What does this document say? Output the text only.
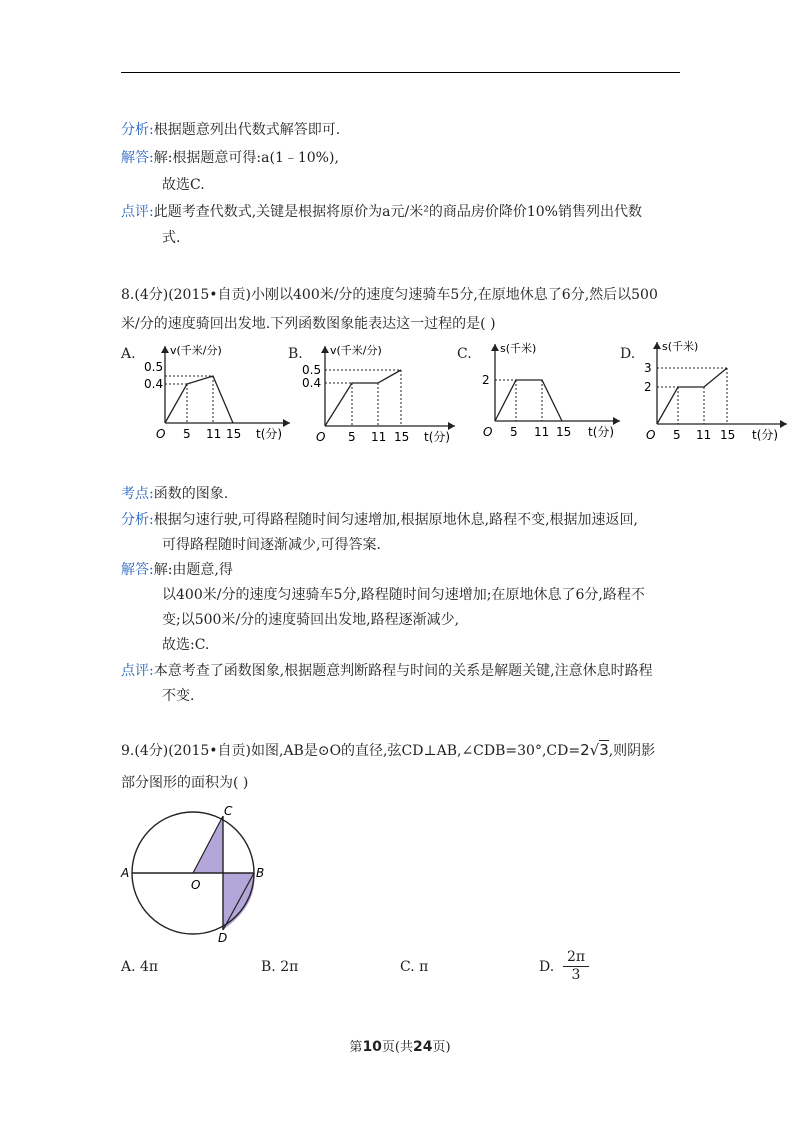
分析:根据题意列出代数式解答即可.
解答:解:根据题意可得:a(1﹣10%),
故选C.
点评:此题考查代数式,关键是根据将原价为a元/米²的商品房价降价10%销售列出代数
式.
8.(4分)(2015•自贡)小刚以400米/分的速度匀速骑车5分,在原地休息了6分,然后以500
米/分的速度骑回出发地.下列函数图象能表达这一过程的是( )
A.	v(千米/分)
0.5
0.4
O 5 11 15 t(分)
B. v(千米/分)
0.5
0.4
O 5 11 15 t(分)
C.	s(千米)
2
O 5 11 15 t(分)
D. s(千米)
3
2
O 5 11 15 t(分)
考点:函数的图象.
分析:根据匀速行驶,可得路程随时间匀速增加,根据原地休息,路程不变,根据加速返回,
可得路程随时间逐渐减少,可得答案.
解答:解:由题意,得
以400米/分的速度匀速骑车5分,路程随时间匀速增加;在原地休息了6分,路程不
变;以500米/分的速度骑回出发地,路程逐渐减少,
故选:C.
点评:本意考查了函数图象,根据题意判断路程与时间的关系是解题关键,注意休息时路程
不变.
9.(4分)(2015•自贡)如图,AB是⊙O的直径,弦CD⊥AB,∠CDB=30°,CD=2√3,则阴影
部分图形的面积为( )
A	B
C
D
O
A. 4π	B. 2π	C. π	D. $\frac{2\pi}{3}$
第10页(共24页)
